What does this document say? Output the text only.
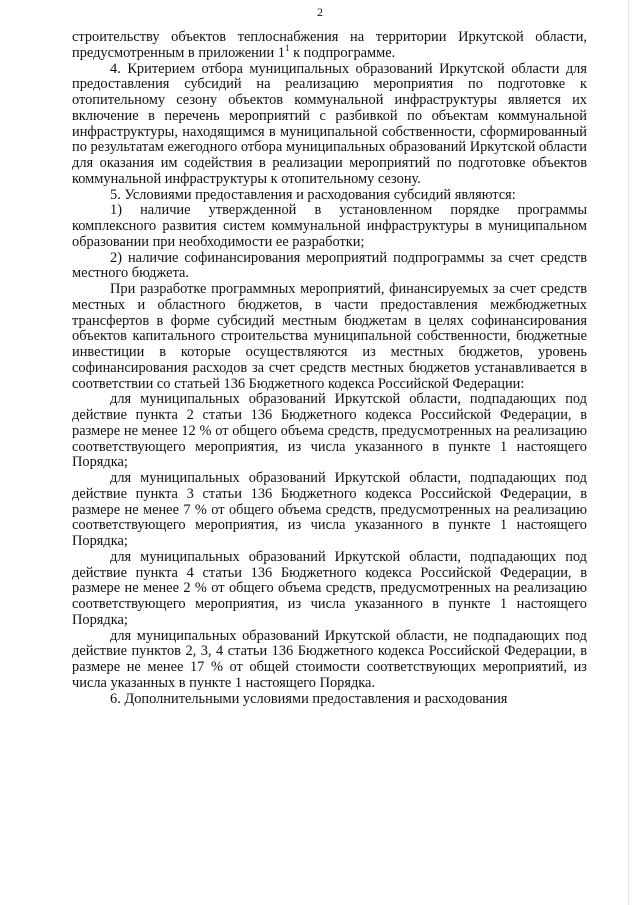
2

строительству объектов теплоснабжения на территории Иркутской области, предусмотренным в приложении $1^1$ к подпрограмме.

4. Критерием отбора муниципальных образований Иркутской области для предоставления субсидий на реализацию мероприятия по подготовке к отопительному сезону объектов коммунальной инфраструктуры является их включение в перечень мероприятий с разбивкой по объектам коммунальной инфраструктуры, находящимся в муниципальной собственности, сформированный по результатам ежегодного отбора муниципальных образований Иркутской области для оказания им содействия в реализации мероприятий по подготовке объектов коммунальной инфраструктуры к отопительному сезону.

5. Условиями предоставления и расходования субсидий являются:

1) наличие утвержденной в установленном порядке программы комплексного развития систем коммунальной инфраструктуры в муниципальном образовании при необходимости ее разработки;

2) наличие софинансирования мероприятий подпрограммы за счет средств местного бюджета.

При разработке программных мероприятий, финансируемых за счет средств местных и областного бюджетов, в части предоставления межбюджетных трансфертов в форме субсидий местным бюджетам в целях софинансирования объектов капитального строительства муниципальной собственности, бюджетные инвестиции в которые осуществляются из местных бюджетов, уровень софинансирования расходов за счет средств местных бюджетов устанавливается в соответствии со статьей 136 Бюджетного кодекса Российской Федерации:

для муниципальных образований Иркутской области, подпадающих под действие пункта 2 статьи 136 Бюджетного кодекса Российской Федерации, в размере не менее 12 % от общего объема средств, предусмотренных на реализацию соответствующего мероприятия, из числа указанного в пункте 1 настоящего Порядка;

для муниципальных образований Иркутской области, подпадающих под действие пункта 3 статьи 136 Бюджетного кодекса Российской Федерации, в размере не менее 7 % от общего объема средств, предусмотренных на реализацию соответствующего мероприятия, из числа указанного в пункте 1 настоящего Порядка;

для муниципальных образований Иркутской области, подпадающих под действие пункта 4 статьи 136 Бюджетного кодекса Российской Федерации, в размере не менее 2 % от общего объема средств, предусмотренных на реализацию соответствующего мероприятия, из числа указанного в пункте 1 настоящего Порядка;

для муниципальных образований Иркутской области, не подпадающих под действие пунктов 2, 3, 4 статьи 136 Бюджетного кодекса Российской Федерации, в размере не менее 17 % от общей стоимости соответствующих мероприятий, из числа указанных в пункте 1 настоящего Порядка.

6. Дополнительными условиями предоставления и расходования
